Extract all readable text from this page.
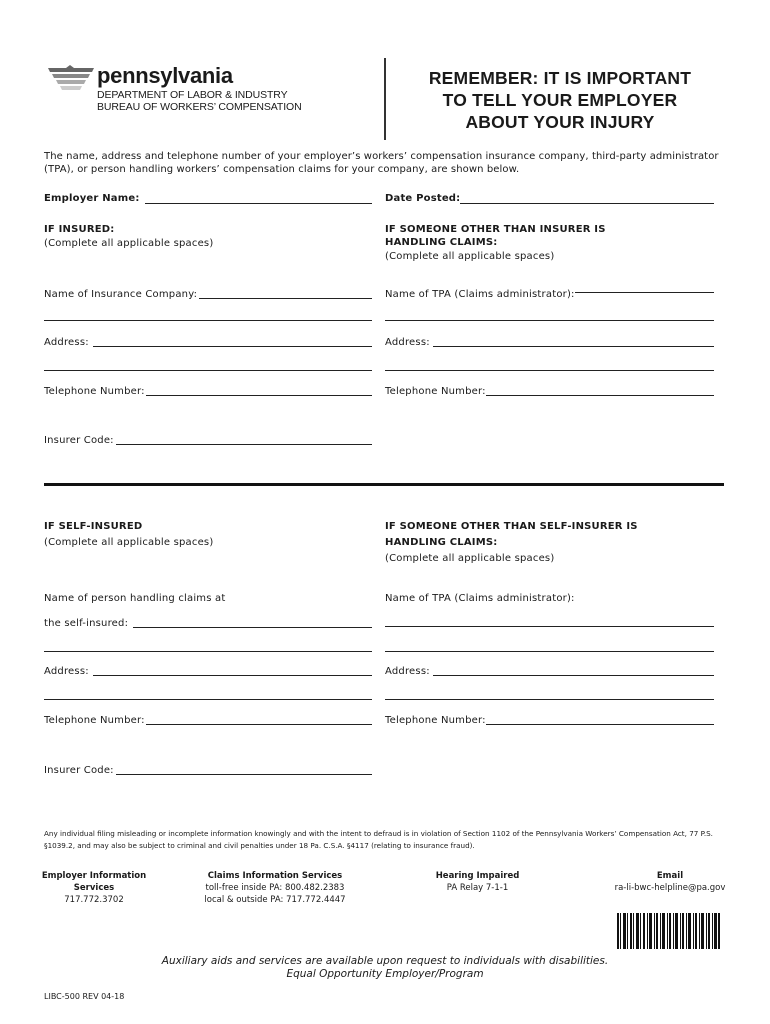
pennsylvania
DEPARTMENT OF LABOR & INDUSTRY
BUREAU OF WORKERS’ COMPENSATION
REMEMBER: IT IS IMPORTANT
TO TELL YOUR EMPLOYER
ABOUT YOUR INJURY
The name, address and telephone number of your employer’s workers’ compensation insurance company, third-party administrator (TPA), or person handling workers’ compensation claims for your company, are shown below.
Employer Name:	Date Posted:
IF INSURED:
(Complete all applicable spaces)
Name of Insurance Company:
Address:
Telephone Number:
Insurer Code:
IF SOMEONE OTHER THAN INSURER IS
HANDLING CLAIMS:
(Complete all applicable spaces)
Name of TPA (Claims administrator):
Address:
Telephone Number:
IF SELF-INSURED
(Complete all applicable spaces)
Name of person handling claims at
the self-insured:
Address:
Telephone Number:
Insurer Code:
IF SOMEONE OTHER THAN SELF-INSURER IS
HANDLING CLAIMS:
(Complete all applicable spaces)
Name of TPA (Claims administrator):
Address:
Telephone Number:
Any individual filing misleading or incomplete information knowingly and with the intent to defraud is in violation of Section 1102 of the Pennsylvania Workers’ Compensation Act, 77 P.S. §1039.2, and may also be subject to criminal and civil penalties under 18 Pa. C.S.A. §4117 (relating to insurance fraud).
Employer Information
Services
717.772.3702
Claims Information Services
toll-free inside PA: 800.482.2383
local & outside PA: 717.772.4447
Hearing Impaired
PA Relay 7-1-1
Email
ra-li-bwc-helpline@pa.gov
Auxiliary aids and services are available upon request to individuals with disabilities.
Equal Opportunity Employer/Program
LIBC-500 REV 04-18
